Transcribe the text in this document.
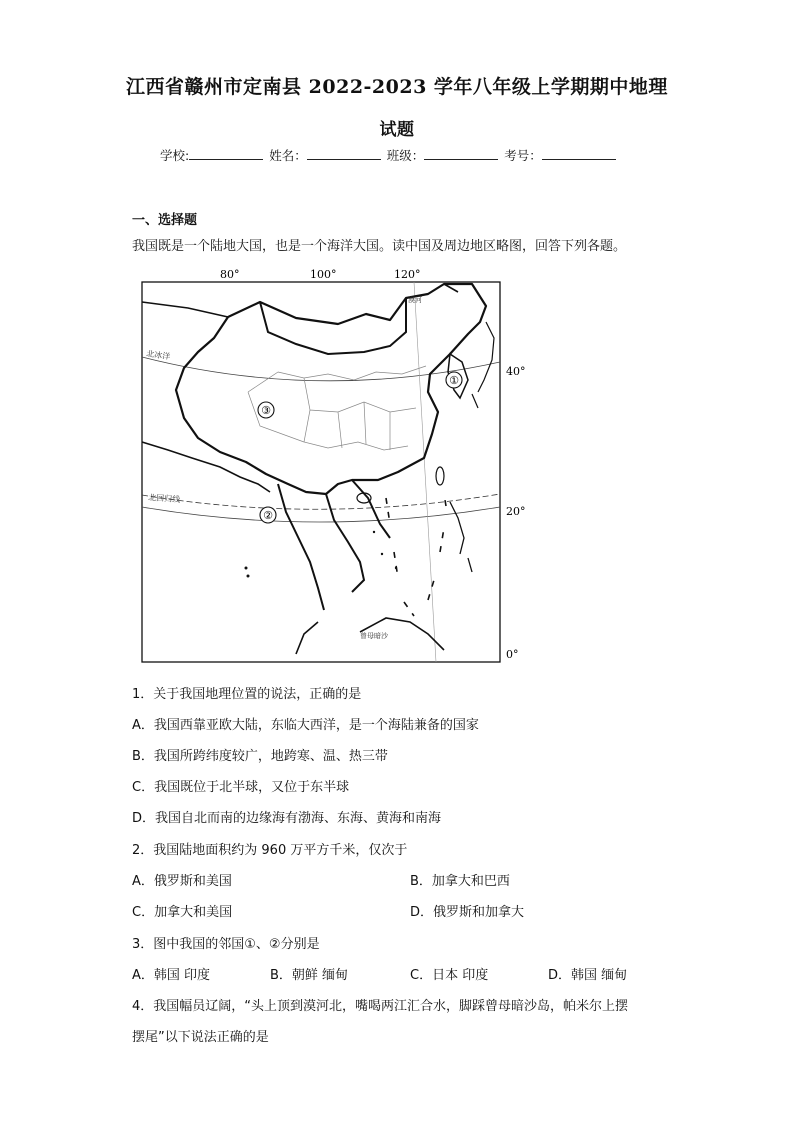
江西省赣州市定南县 2022-2023 学年八年级上学期期中地理
试题
学校:	姓名：	班级：	考号：
一、选择题
我国既是一个陆地大国，也是一个海洋大国。读中国及周边地区略图，回答下列各题。
80°	100°	120°
40°
20°
0°
北冰洋
北回归线
曾母暗沙
漠河
①
②
③
1．关于我国地理位置的说法，正确的是
A．我国西靠亚欧大陆，东临大西洋，是一个海陆兼备的国家
B．我国所跨纬度较广，地跨寒、温、热三带
C．我国既位于北半球，又位于东半球
D．我国自北而南的边缘海有渤海、东海、黄海和南海
2．我国陆地面积约为 960 万平方千米，仅次于
A．俄罗斯和美国	B．加拿大和巴西
C．加拿大和美国	D．俄罗斯和加拿大
3．图中我国的邻国①、②分别是
A．韩国 印度	B．朝鲜 缅甸	C．日本 印度	D．韩国 缅甸
4．我国幅员辽阔，“头上顶到漠河北，嘴喝两江汇合水，脚踩曾母暗沙岛，帕米尔上摆
摆尾”以下说法正确的是
